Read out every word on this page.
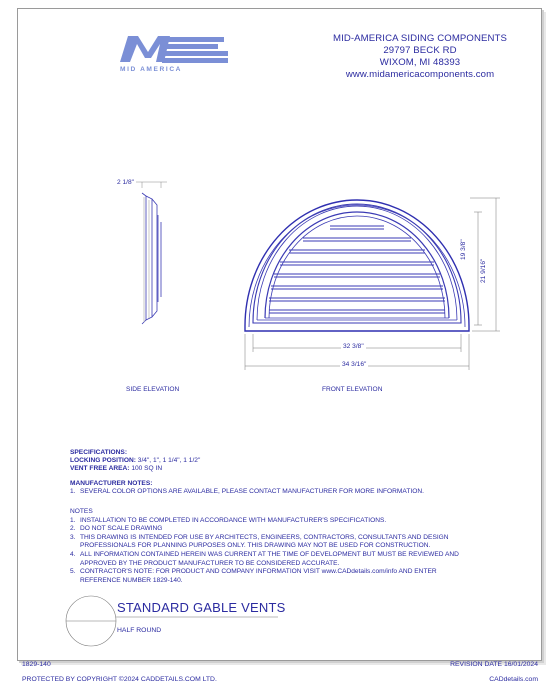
MID AMERICA
MID-AMERICA SIDING COMPONENTS
29797 BECK RD
WIXOM, MI 48393
www.midamericacomponents.com
2 1/8"
SIDE ELEVATION	FRONT ELEVATION
32 3/8"
34 3/16"
19 3/8"
21 9/16"
SPECIFICATIONS:
LOCKING POSITION: 3/4", 1", 1 1/4", 1 1/2"
VENT FREE AREA: 100 SQ IN
MANUFACTURER NOTES:
1. SEVERAL COLOR OPTIONS ARE AVAILABLE, PLEASE CONTACT MANUFACTURER FOR MORE INFORMATION.
NOTES
1. INSTALLATION TO BE COMPLETED IN ACCORDANCE WITH MANUFACTURER'S SPECIFICATIONS.
2. DO NOT SCALE DRAWING
3. THIS DRAWING IS INTENDED FOR USE BY ARCHITECTS, ENGINEERS, CONTRACTORS, CONSULTANTS AND DESIGN
PROFESSIONALS FOR PLANNING PURPOSES ONLY. THIS DRAWING MAY NOT BE USED FOR CONSTRUCTION.
4. ALL INFORMATION CONTAINED HEREIN WAS CURRENT AT THE TIME OF DEVELOPMENT BUT MUST BE REVIEWED AND
APPROVED BY THE PRODUCT MANUFACTURER TO BE CONSIDERED ACCURATE.
5. CONTRACTOR'S NOTE: FOR PRODUCT AND COMPANY INFORMATION VISIT www.CADdetails.com/info AND ENTER
REFERENCE NUMBER 1829-140.
STANDARD GABLE VENTS
HALF ROUND
1829-140	REVISION DATE 16/01/2024
PROTECTED BY COPYRIGHT ©2024 CADDETAILS.COM LTD.	CADdetails.com
